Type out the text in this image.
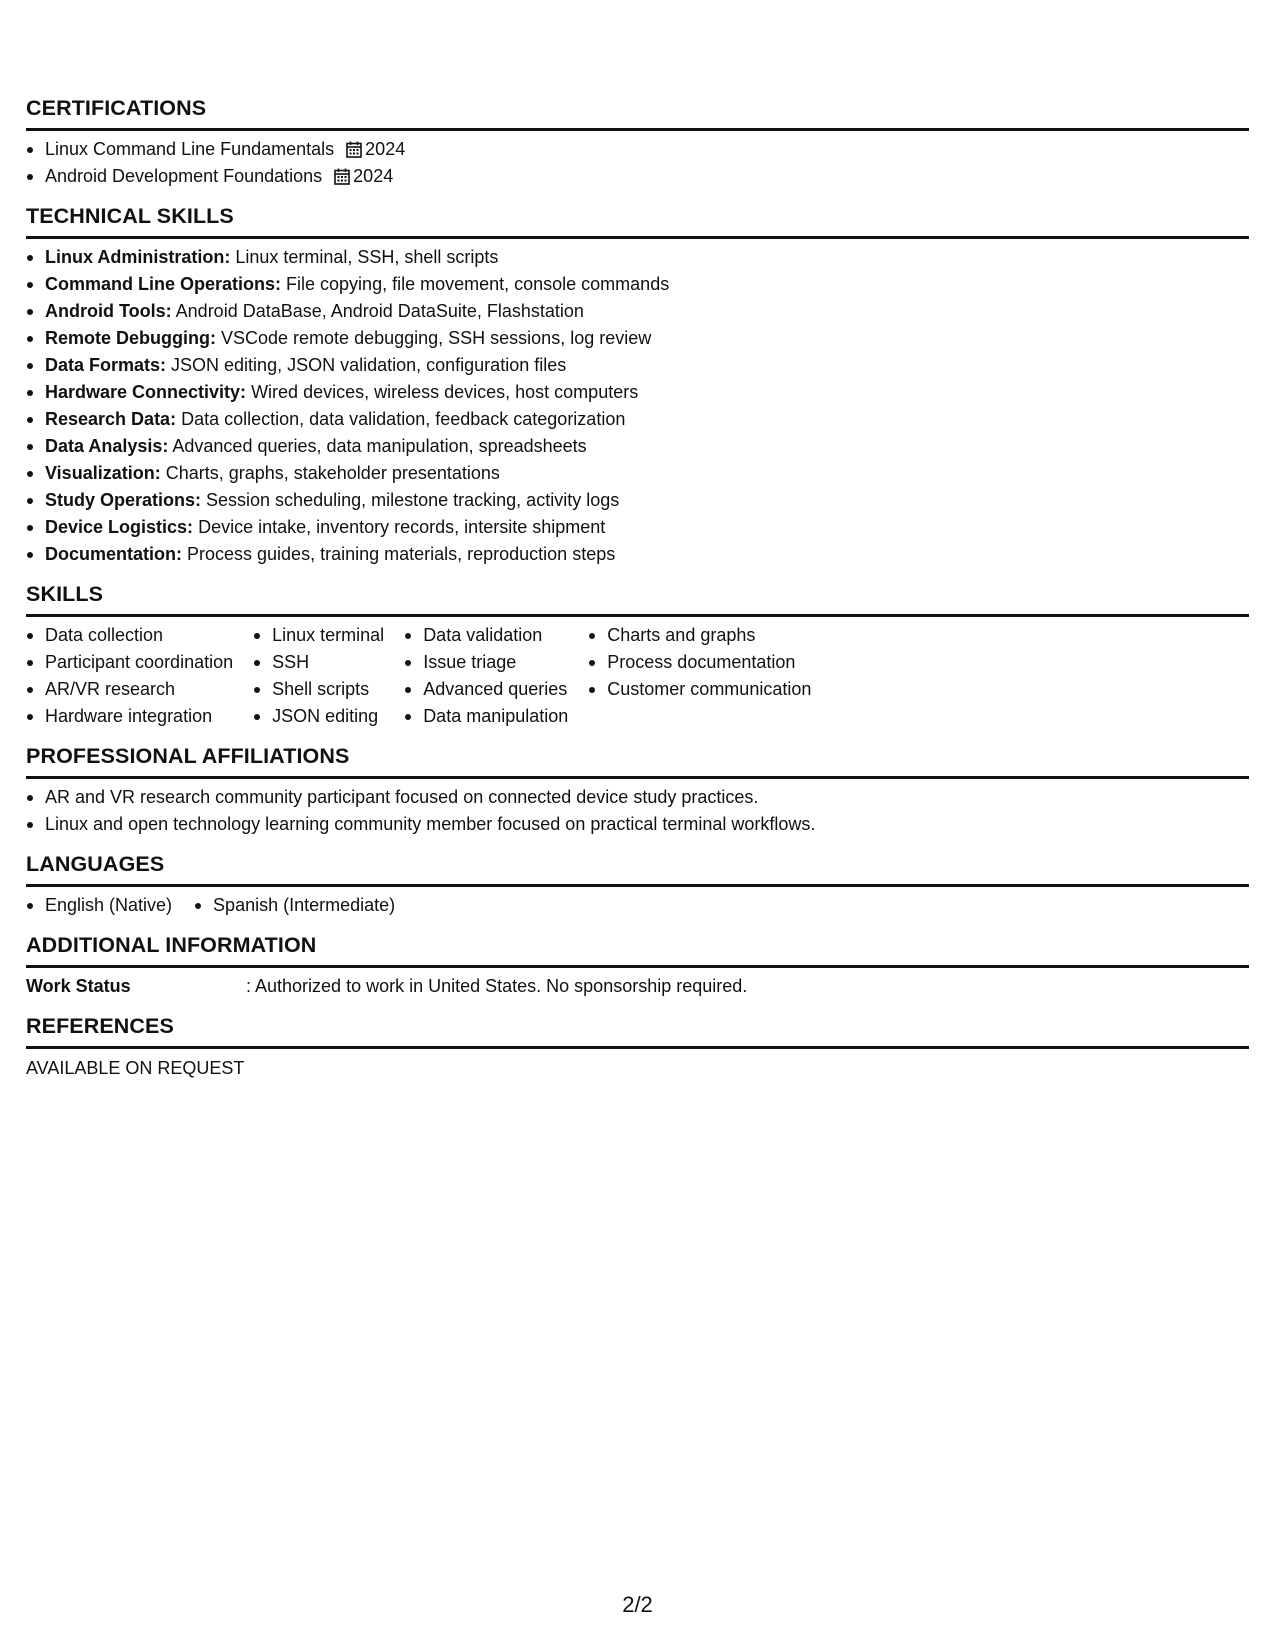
CERTIFICATIONS
Linux Command Line Fundamentals 2024
Android Development Foundations 2024
TECHNICAL SKILLS
Linux Administration: Linux terminal, SSH, shell scripts
Command Line Operations: File copying, file movement, console commands
Android Tools: Android DataBase, Android DataSuite, Flashstation
Remote Debugging: VSCode remote debugging, SSH sessions, log review
Data Formats: JSON editing, JSON validation, configuration files
Hardware Connectivity: Wired devices, wireless devices, host computers
Research Data: Data collection, data validation, feedback categorization
Data Analysis: Advanced queries, data manipulation, spreadsheets
Visualization: Charts, graphs, stakeholder presentations
Study Operations: Session scheduling, milestone tracking, activity logs
Device Logistics: Device intake, inventory records, intersite shipment
Documentation: Process guides, training materials, reproduction steps
SKILLS
Data collection
Participant coordination
AR/VR research
Hardware integration
Linux terminal
SSH
Shell scripts
JSON editing
Data validation
Issue triage
Advanced queries
Data manipulation
Charts and graphs
Process documentation
Customer communication
PROFESSIONAL AFFILIATIONS
AR and VR research community participant focused on connected device study practices.
Linux and open technology learning community member focused on practical terminal workflows.
LANGUAGES
English (Native)	Spanish (Intermediate)
ADDITIONAL INFORMATION
Work Status	: Authorized to work in United States. No sponsorship required.
REFERENCES
AVAILABLE ON REQUEST
2/2
